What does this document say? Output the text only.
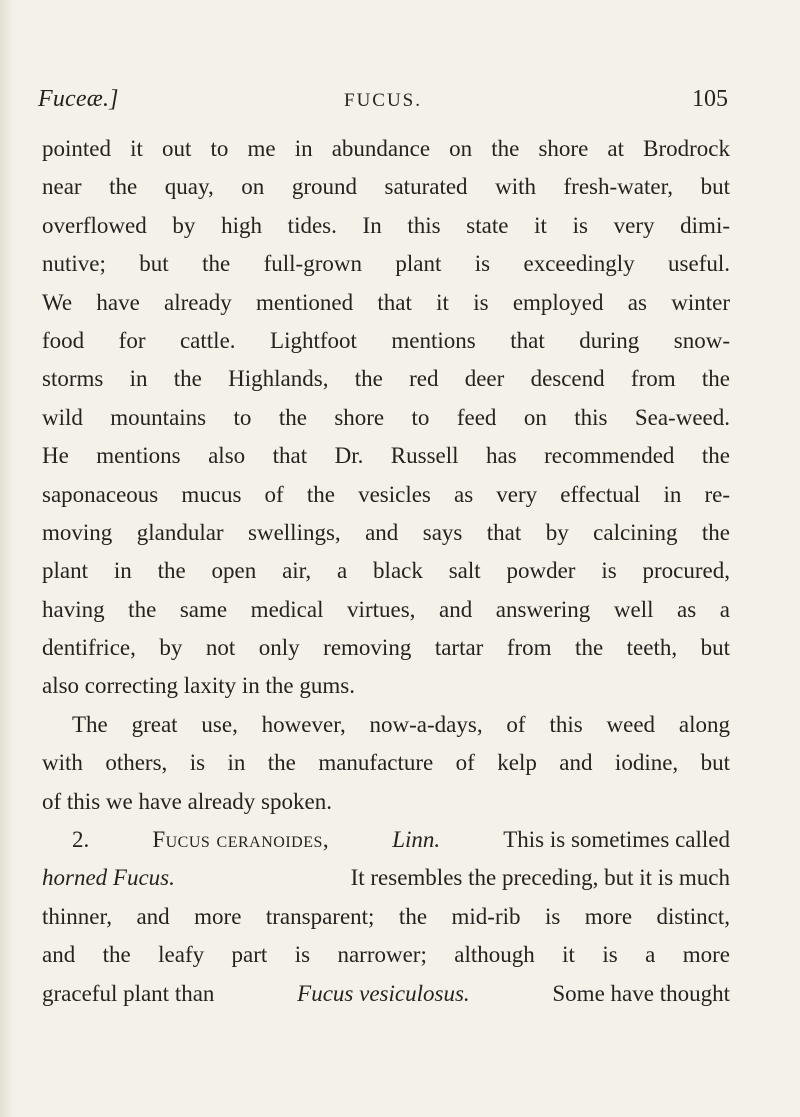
Fuceæ.]	FUCUS.	105
pointed it out to me in abundance on the shore at Brodrock
near the quay, on ground saturated with fresh-water, but
overflowed by high tides. In this state it is very dimi-
nutive; but the full-grown plant is exceedingly useful.
We have already mentioned that it is employed as winter
food for cattle. Lightfoot mentions that during snow-
storms in the Highlands, the red deer descend from the
wild mountains to the shore to feed on this Sea-weed.
He mentions also that Dr. Russell has recommended the
saponaceous mucus of the vesicles as very effectual in re-
moving glandular swellings, and says that by calcining the
plant in the open air, a black salt powder is procured,
having the same medical virtues, and answering well as a
dentifrice, by not only removing tartar from the teeth, but
also correcting laxity in the gums.
The great use, however, now-a-days, of this weed along
with others, is in the manufacture of kelp and iodine, but
of this we have already spoken.
2.	Fucus ceranoides,	Linn.	This is sometimes called
horned Fucus.	It resembles the preceding, but it is much
thinner, and more transparent; the mid-rib is more distinct,
and the leafy part is narrower; although it is a more
graceful plant than	Fucus vesiculosus.	Some have thought
